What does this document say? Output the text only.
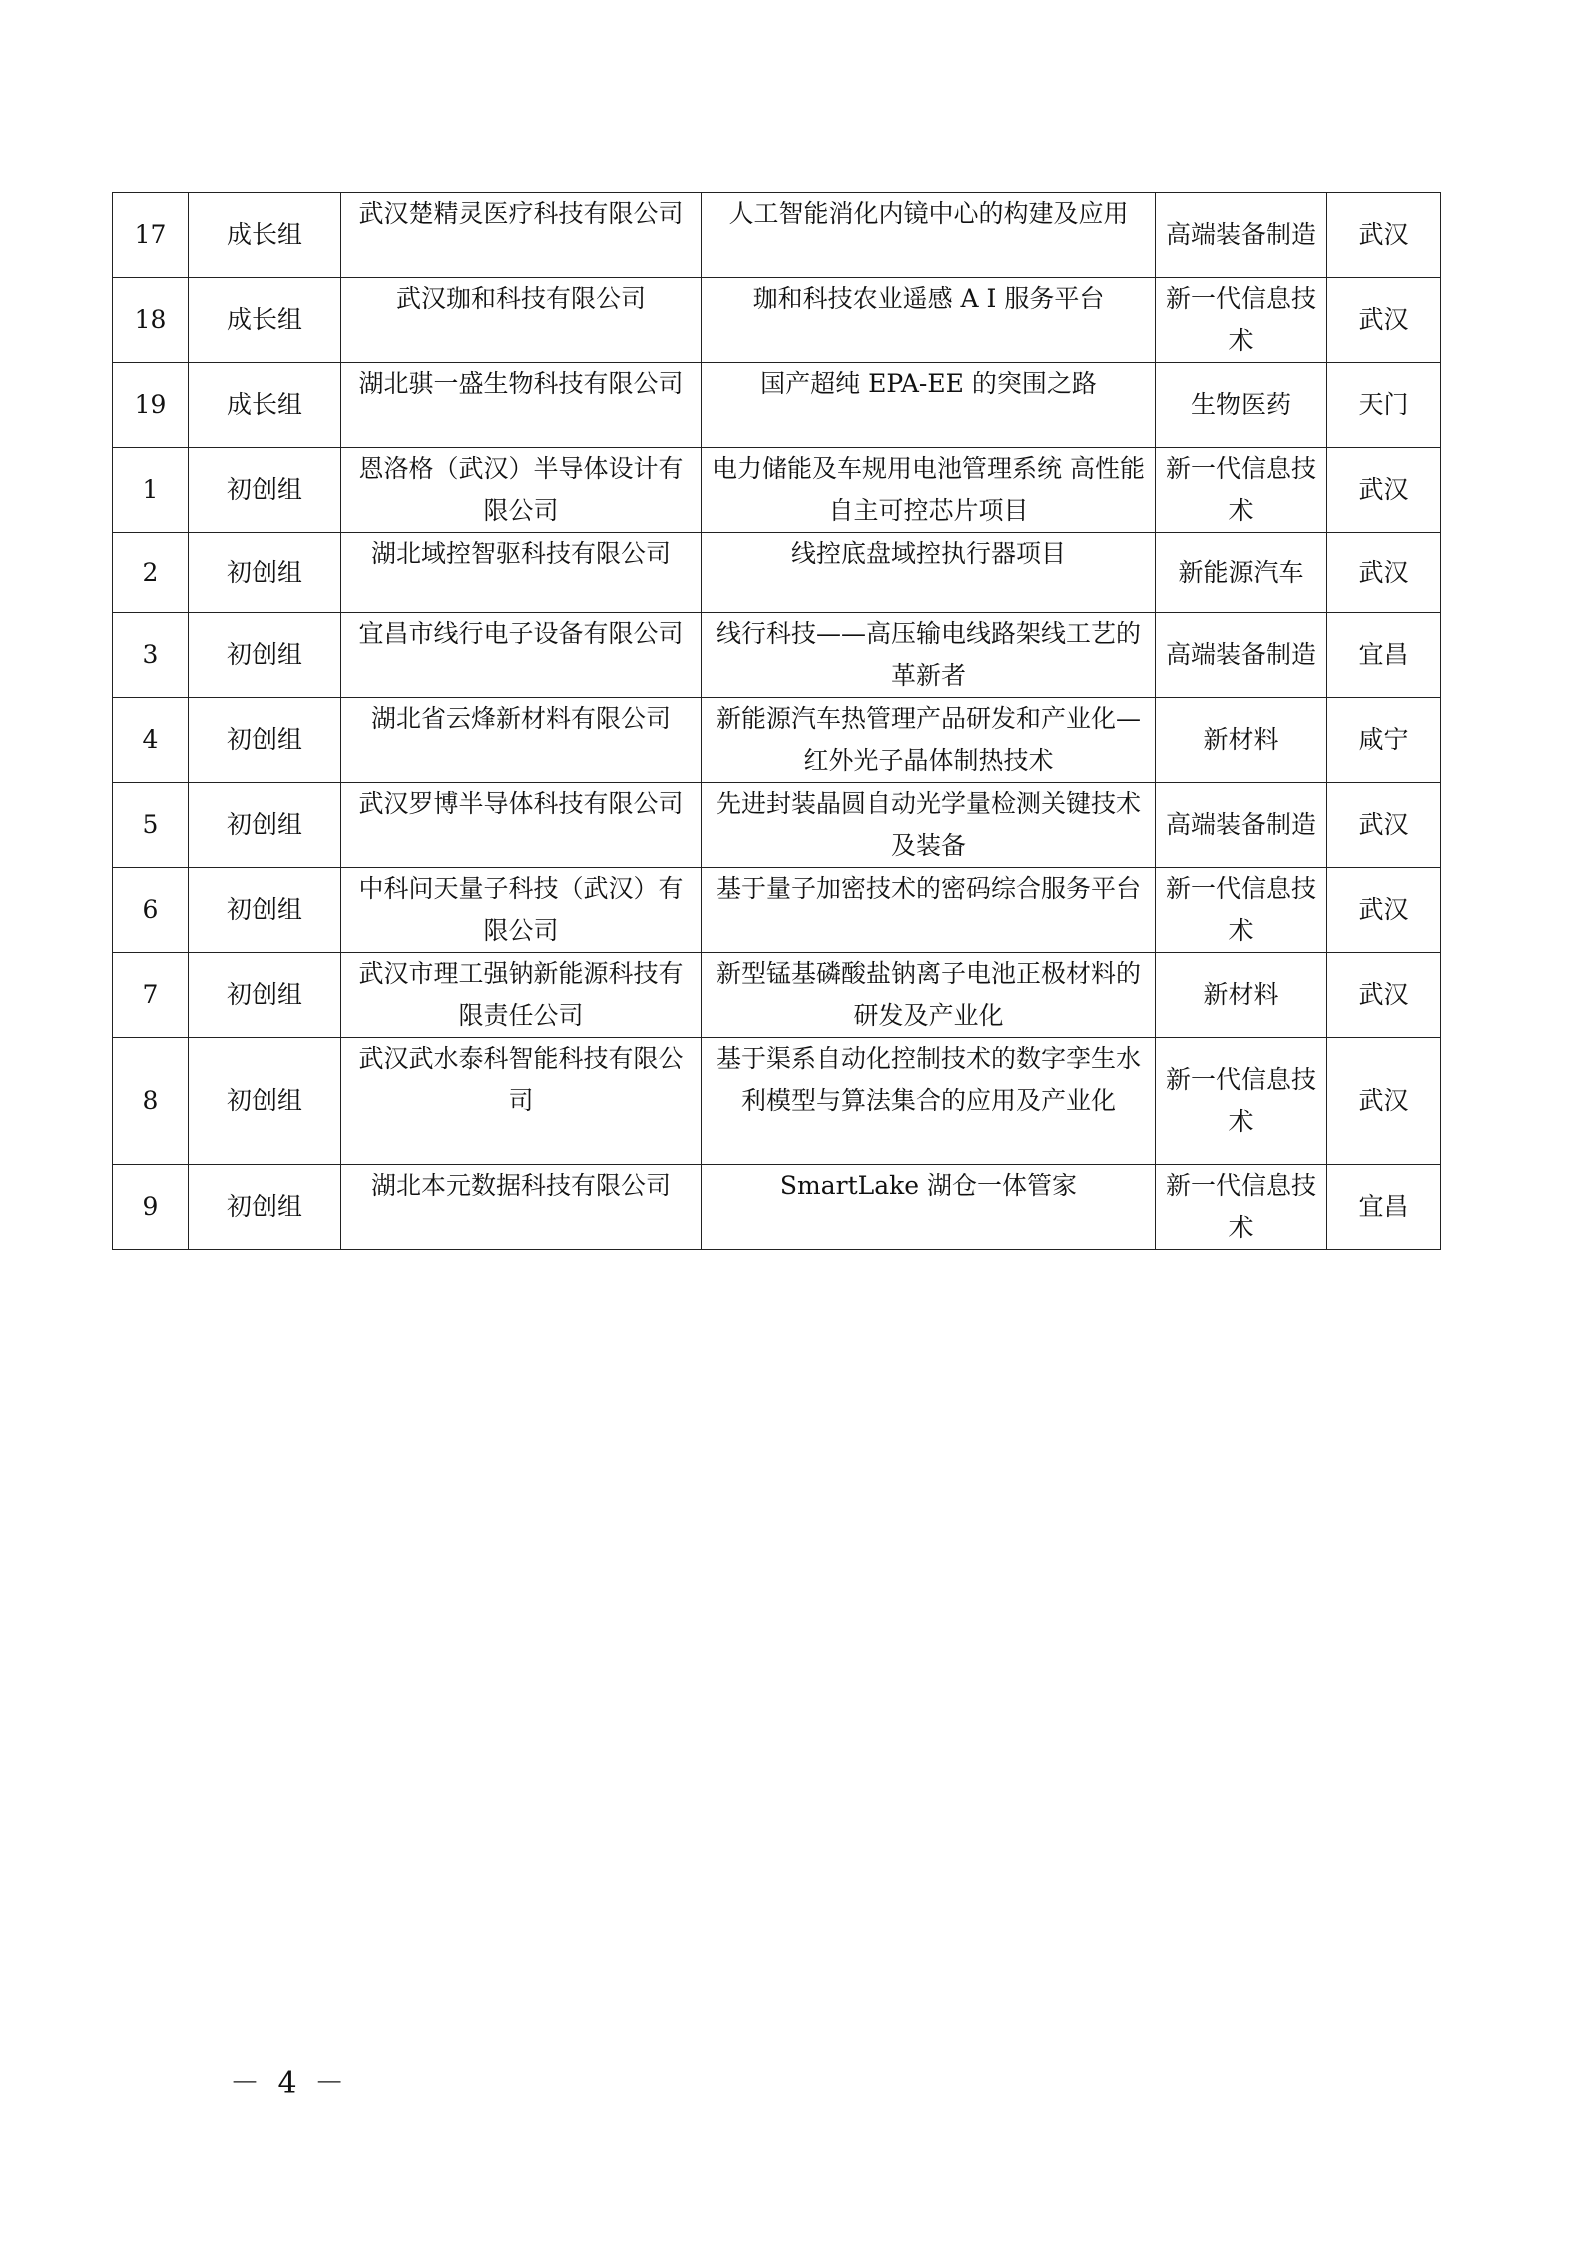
17	成长组	武汉楚精灵医疗科技有限公司	人工智能消化内镜中心的构建及应用	高端装备制造	武汉
18	成长组	武汉珈和科技有限公司	珈和科技农业遥感 A I 服务平台	新一代信息技术	武汉
19	成长组	湖北骐一盛生物科技有限公司	国产超纯 EPA-EE 的突围之路	生物医药	天门
1	初创组	恩洛格（武汉）半导体设计有限公司	电力储能及车规用电池管理系统 高性能自主可控芯片项目	新一代信息技术	武汉
2	初创组	湖北域控智驱科技有限公司	线控底盘域控执行器项目	新能源汽车	武汉
3	初创组	宜昌市线行电子设备有限公司	线行科技——高压输电线路架线工艺的革新者	高端装备制造	宜昌
4	初创组	湖北省云烽新材料有限公司	新能源汽车热管理产品研发和产业化—红外光子晶体制热技术	新材料	咸宁
5	初创组	武汉罗博半导体科技有限公司	先进封装晶圆自动光学量检测关键技术及装备	高端装备制造	武汉
6	初创组	中科问天量子科技（武汉）有限公司	基于量子加密技术的密码综合服务平台	新一代信息技术	武汉
7	初创组	武汉市理工强钠新能源科技有限责任公司	新型锰基磷酸盐钠离子电池正极材料的研发及产业化	新材料	武汉
8	初创组	武汉武水泰科智能科技有限公司	基于渠系自动化控制技术的数字孪生水利模型与算法集合的应用及产业化	新一代信息技术	武汉
9	初创组	湖北本元数据科技有限公司	SmartLake 湖仓一体管家	新一代信息技术	宜昌
－ 4 －
